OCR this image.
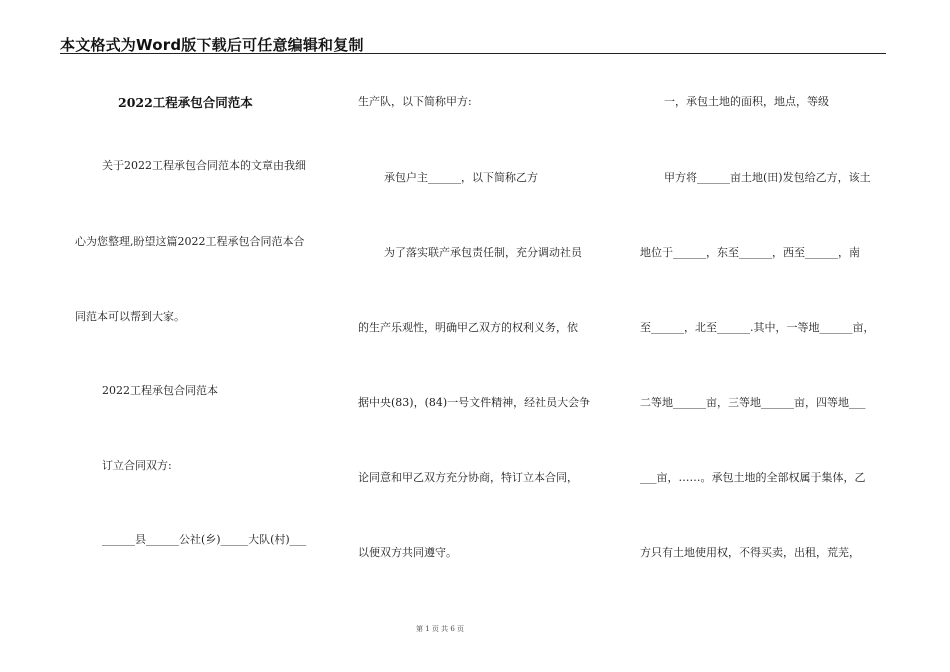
本文格式为Word版下载后可任意编辑和复制
2022工程承包合同范本
关于2022工程承包合同范本的文章由我细
心为您整理,盼望这篇2022工程承包合同范本合
同范本可以帮到大家。
2022工程承包合同范本
订立合同双方:
______县______公社(乡)_____大队(村)___
生产队，以下简称甲方:
承包户主______，以下简称乙方
为了落实联产承包责任制，充分调动社员
的生产乐观性，明确甲乙双方的权利义务，依
据中央(83)，(84)一号文件精神，经社员大会争
论同意和甲乙双方充分协商，特订立本合同，
以便双方共同遵守。
一，承包土地的面积，地点，等级
甲方将______亩土地(田)发包给乙方，该土
地位于______，东至______，西至______，南
至______，北至______.其中，一等地______亩，
二等地______亩，三等地______亩，四等地___
___亩，……。承包土地的全部权属于集体，乙
方只有土地使用权，不得买卖，出租，荒芜，
第 1 页 共 6 页
